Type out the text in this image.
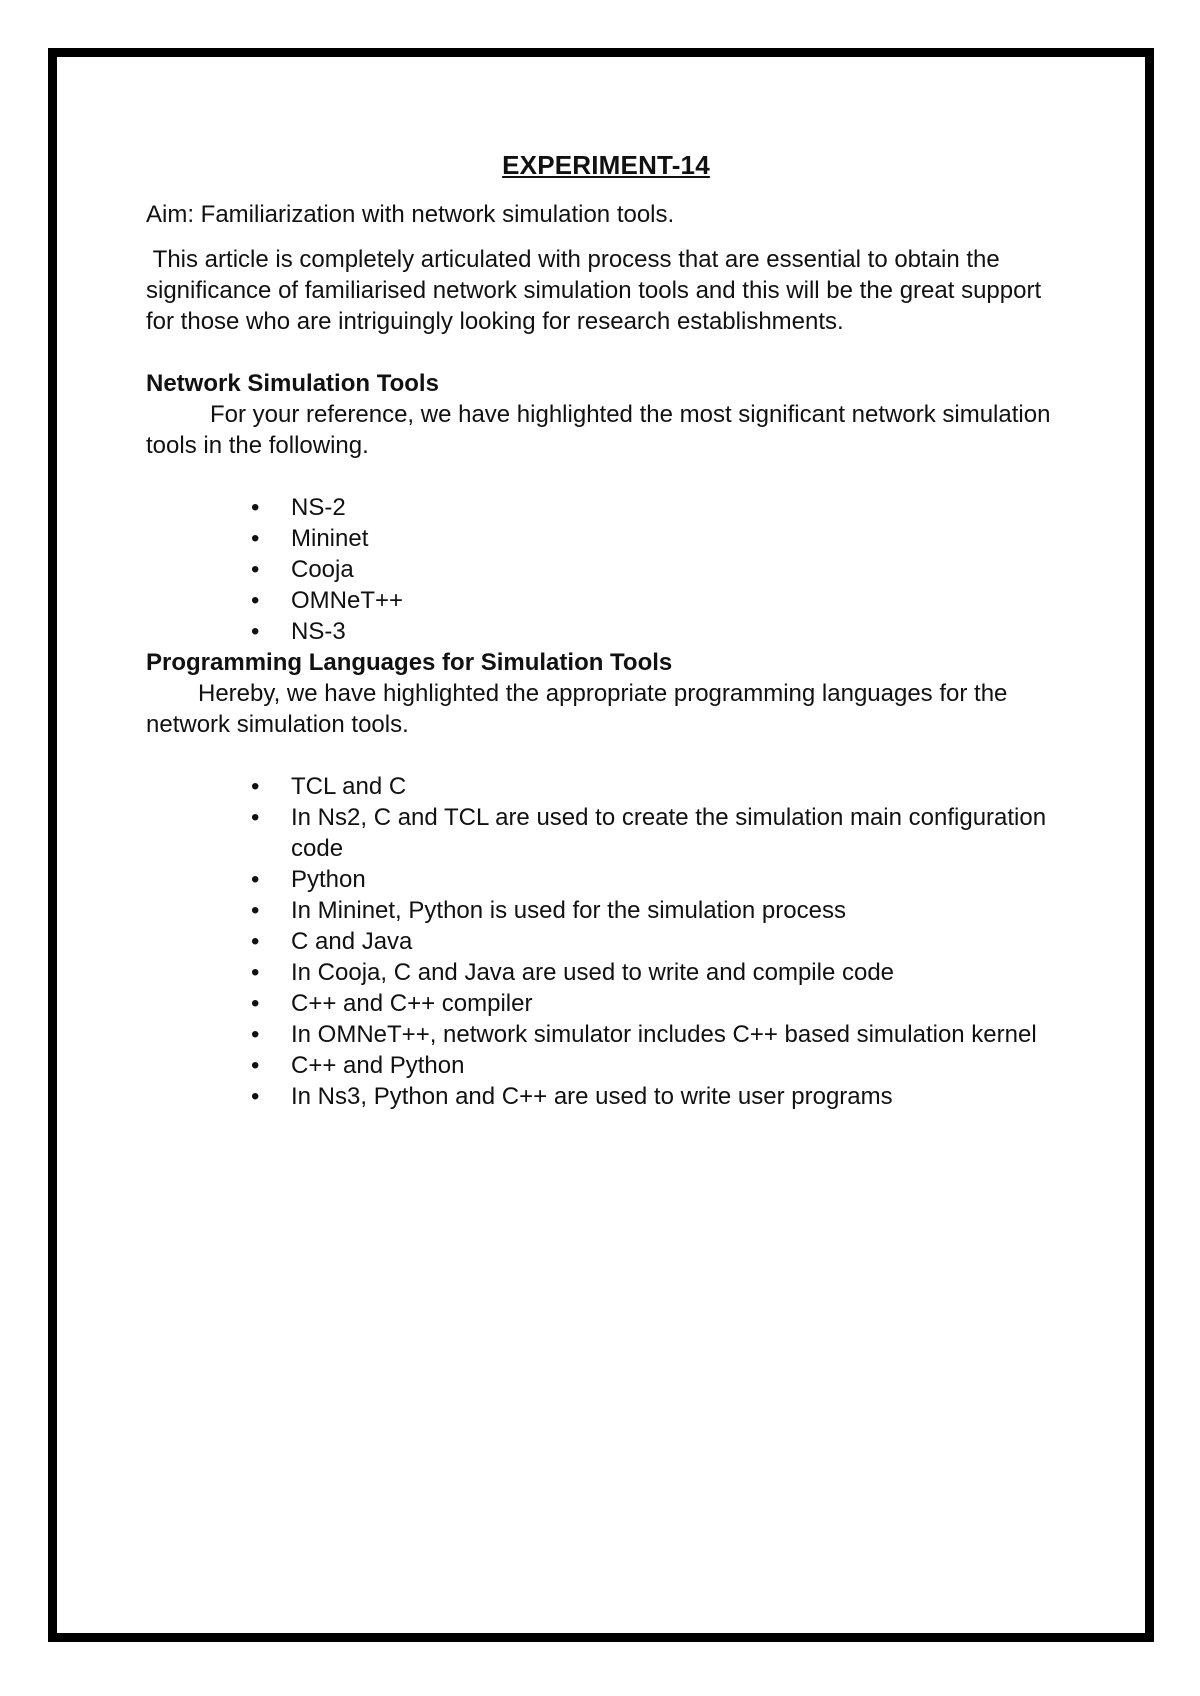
EXPERIMENT-14
Aim: Familiarization with network simulation tools.

This article is completely articulated with process that are essential to obtain the significance of familiarised network simulation tools and this will be the great support for those who are intriguingly looking for research establishments.

Network Simulation Tools

For your reference, we have highlighted the most significant network simulation tools in the following.

• NS-2
• Mininet
• Cooja
• OMNeT++
• NS-3
Programming Languages for Simulation Tools

Hereby, we have highlighted the appropriate programming languages for the network simulation tools.

• TCL and C
• In Ns2, C and TCL are used to create the simulation main configuration code
• Python
• In Mininet, Python is used for the simulation process
• C and Java
• In Cooja, C and Java are used to write and compile code
• C++ and C++ compiler
• In OMNeT++, network simulator includes C++ based simulation kernel
• C++ and Python
• In Ns3, Python and C++ are used to write user programs
